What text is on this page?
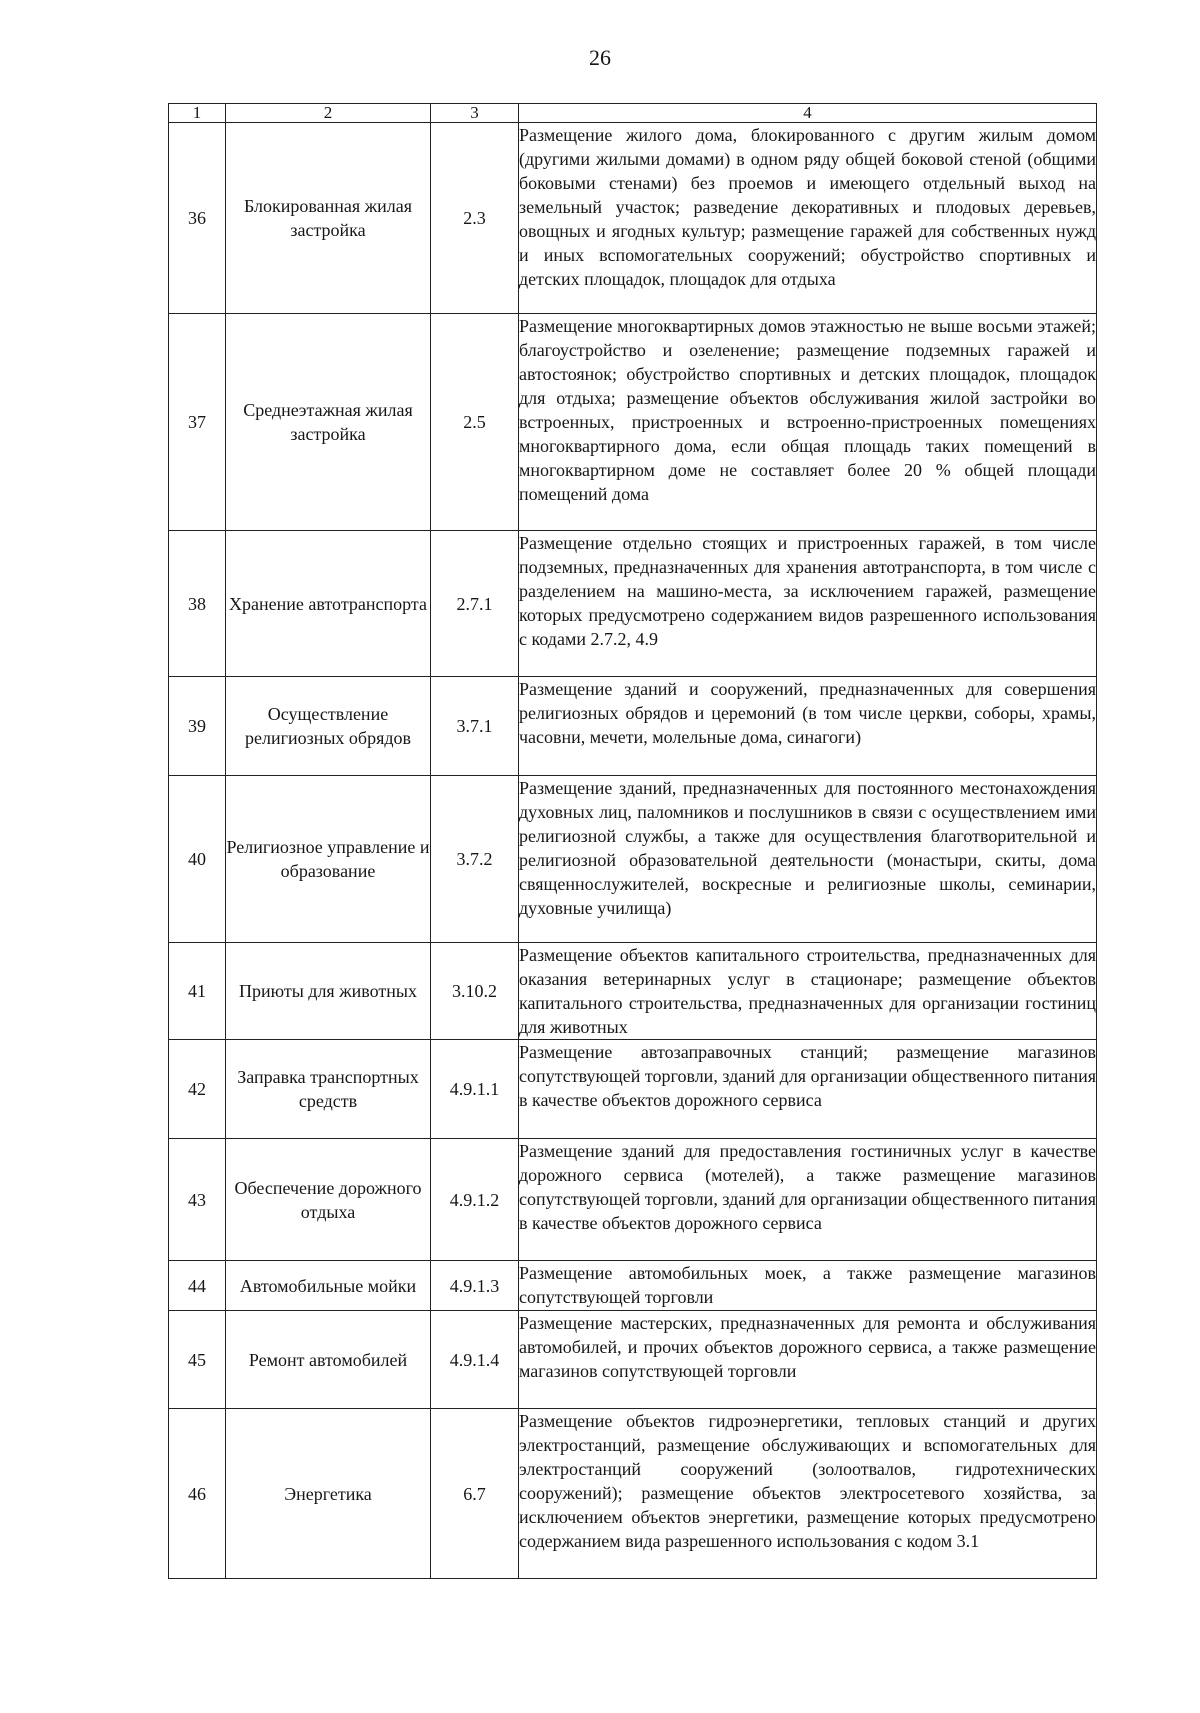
26
1	2	3	4
36	Блокированная жилая застройка	2.3	Размещение жилого дома, блокированного с другим жилым домом (другими жилыми домами) в одном ряду общей боковой стеной (общими боковыми стенами) без проемов и имеющего отдельный выход на земельный участок; разведение декоративных и плодовых деревьев, овощных и ягодных культур; размещение гаражей для собственных нужд и иных вспомогательных сооружений; обустройство спортивных и детских площадок, площадок для отдыха

37	Среднеэтажная жилая застройка	2.5	Размещение многоквартирных домов этажностью не выше восьми этажей; благоустройство и озеленение; размещение подземных гаражей и автостоянок; обустройство спортивных и детских площадок, площадок для отдыха; размещение объектов обслуживания жилой застройки во встроенных, пристроенных и встроенно-пристроенных помещениях многоквартирного дома, если общая площадь таких помещений в многоквартирном доме не составляет более 20 % общей площади помещений дома

38	Хранение автотранспорта	2.7.1	Размещение отдельно стоящих и пристроенных гаражей, в том числе подземных, предназначенных для хранения автотранспорта, в том числе с разделением на машино-места, за исключением гаражей, размещение которых предусмотрено содержанием видов разрешенного использования с кодами 2.7.2, 4.9

39	Осуществление религиозных обрядов	3.7.1	Размещение зданий и сооружений, предназначенных для совершения религиозных обрядов и церемоний (в том числе церкви, соборы, храмы, часовни, мечети, молельные дома, синагоги)

40	Религиозное управление и образование	3.7.2	Размещение зданий, предназначенных для постоянного местонахождения духовных лиц, паломников и послушников в связи с осуществлением ими религиозной службы, а также для осуществления благотворительной и религиозной образовательной деятельности (монастыри, скиты, дома священнослужителей, воскресные и религиозные школы, семинарии, духовные училища)

41	Приюты для животных	3.10.2	Размещение объектов капитального строительства, предназначенных для оказания ветеринарных услуг в стационаре; размещение объектов капитального строительства, предназначенных для организации гостиниц для животных

42	Заправка транспортных средств	4.9.1.1	Размещение автозаправочных станций; размещение магазинов сопутствующей торговли, зданий для организации общественного питания в качестве объектов дорожного сервиса

43	Обеспечение дорожного отдыха	4.9.1.2	Размещение зданий для предоставления гостиничных услуг в качестве дорожного сервиса (мотелей), а также размещение магазинов сопутствующей торговли, зданий для организации общественного питания в качестве объектов дорожного сервиса

44	Автомобильные мойки	4.9.1.3	Размещение автомобильных моек, а также размещение магазинов сопутствующей торговли

45	Ремонт автомобилей	4.9.1.4	Размещение мастерских, предназначенных для ремонта и обслуживания автомобилей, и прочих объектов дорожного сервиса, а также размещение магазинов сопутствующей торговли

46	Энергетика	6.7	Размещение объектов гидроэнергетики, тепловых станций и других электростанций, размещение обслуживающих и вспомогательных для электростанций сооружений (золоотвалов, гидротехнических сооружений); размещение объектов электросетевого хозяйства, за исключением объектов энергетики, размещение которых предусмотрено содержанием вида разрешенного использования с кодом 3.1
